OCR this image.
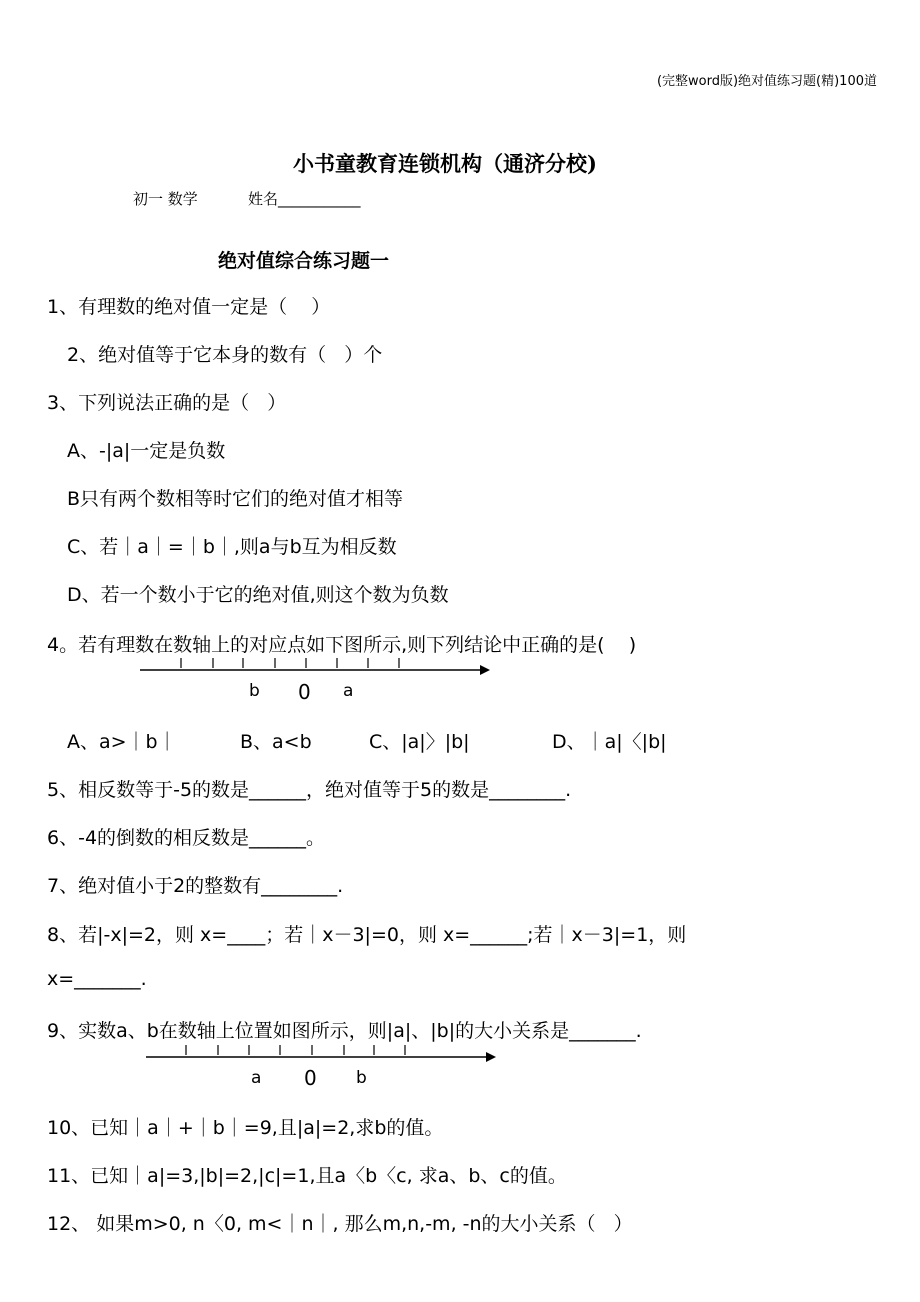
(完整word版)绝对值练习题(精)100道
小书童教育连锁机构（通济分校)
初一 数学	姓名___________
绝对值综合练习题一
1、有理数的绝对值一定是（    ）
2、绝对值等于它本身的数有（   ）个
3、下列说法正确的是（   ）
A、-|a|一定是负数
B只有两个数相等时它们的绝对值才相等
C、若｜a｜=｜b｜,则a与b互为相反数
D、若一个数小于它的绝对值,则这个数为负数
4。若有理数在数轴上的对应点如下图所示,则下列结论中正确的是(    )
b 0 a
A、a>｜b｜	B、a<b	C、|a|〉|b|	D、｜a|〈|b|
5、相反数等于-5的数是______，绝对值等于5的数是________.
6、-4的倒数的相反数是______。
7、绝对值小于2的整数有________.
8、若|-x|=2，则 x=____；若｜x－3|=0，则 x=______;若｜x－3|=1，则
x=_______.
9、实数a、b在数轴上位置如图所示，则|a|、|b|的大小关系是_______.
a 0 b
10、已知｜a｜+｜b｜=9,且|a|=2,求b的值。
11、已知｜a|=3,|b|=2,|c|=1,且a〈b〈c, 求a、b、c的值。
12、 如果m>0, n〈0, m<｜n｜, 那么m,n,-m, -n的大小关系（   ）
